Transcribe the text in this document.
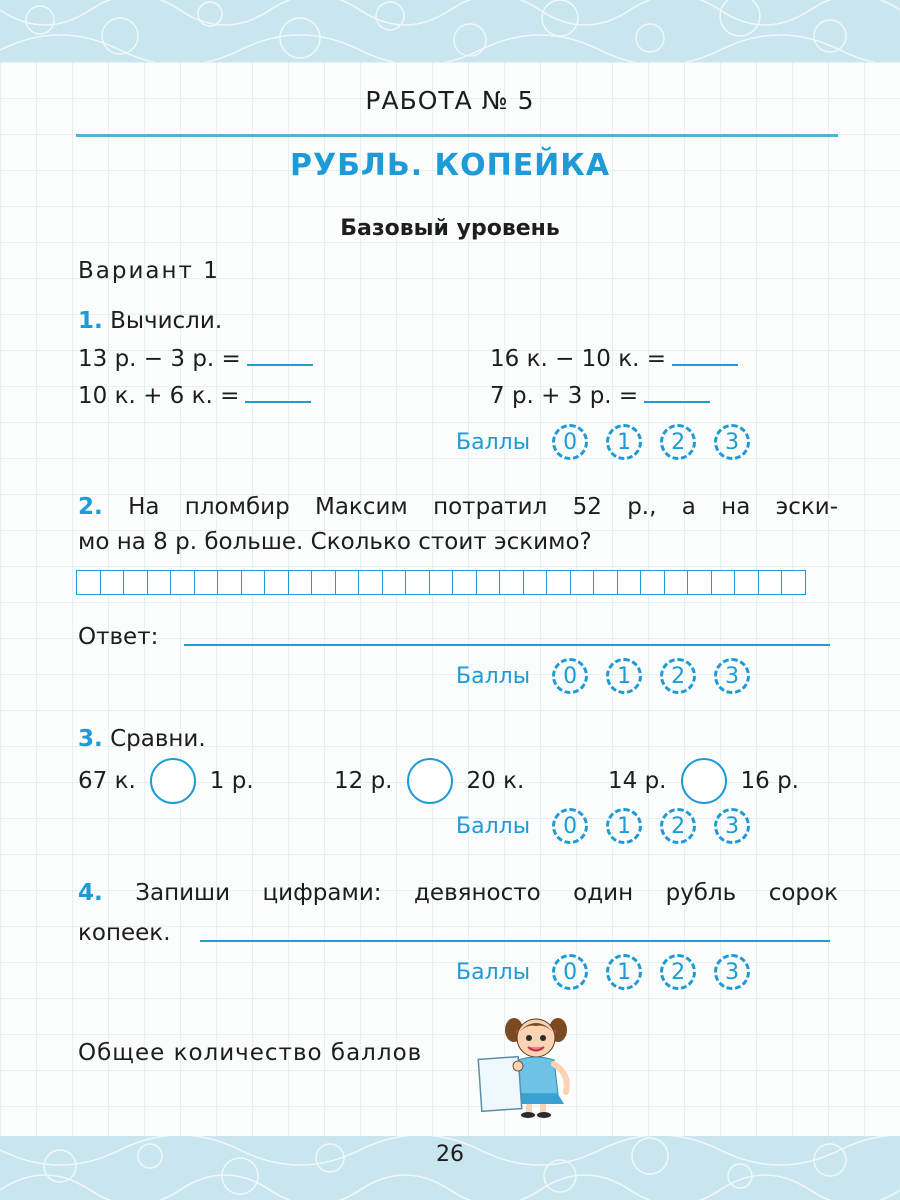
РАБОТА № 5
РУБЛЬ. КОПЕЙКА
Базовый уровень
Вариант 1
1. Вычисли.
13 р. − 3 р. =	16 к. − 10 к. =
10 к. + 6 к. =	7 р. + 3 р. =
Баллы	0	1	2	3
2. На пломбир Максим потратил 52 р., а на эски-
мо на 8 р. больше. Сколько стоит эскимо?
Ответ:
Баллы	0	1	2	3
3. Сравни.
67 к.	1 р.	12 р.	20 к.	14 р.	16 р.
Баллы	0	1	2	3
4. Запиши цифрами: девяносто один рубль сорок
копеек.
Баллы	0	1	2	3
Общее количество баллов
26
